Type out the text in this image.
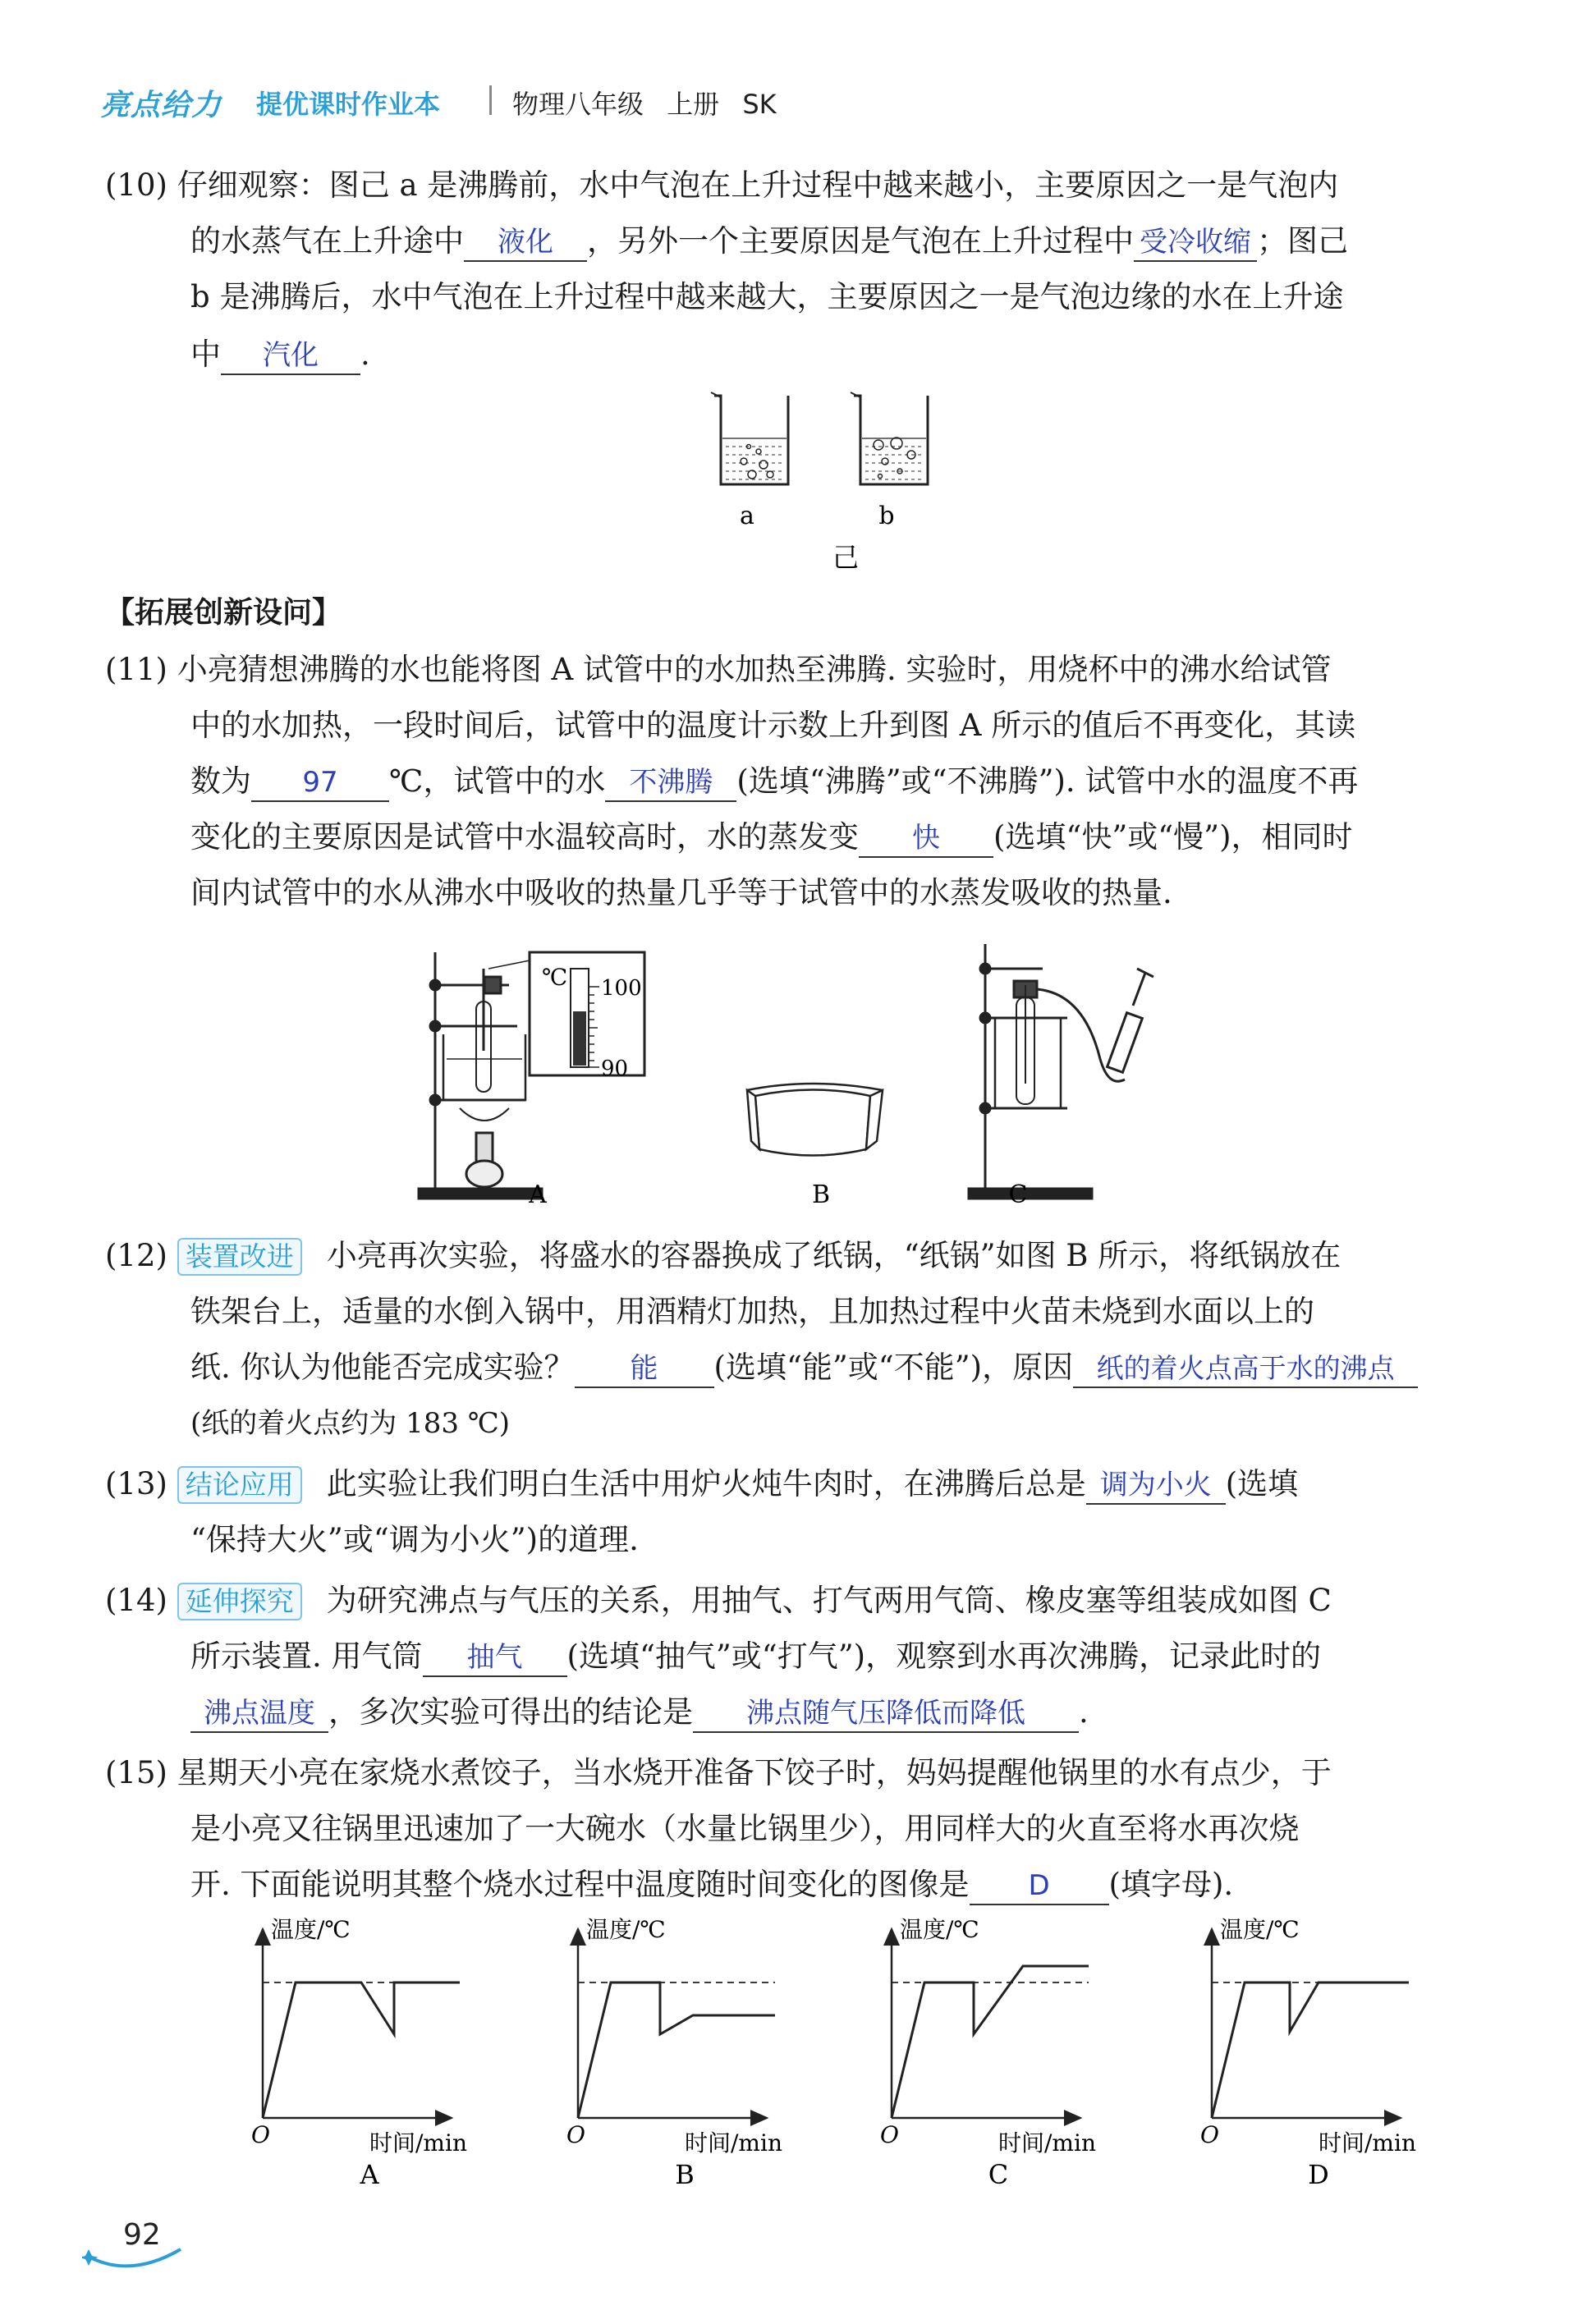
亮点给力 提优课时作业本	物理八年级 上册 SK
(10) 仔细观察：图己 a 是沸腾前，水中气泡在上升过程中越来越小，主要原因之一是气泡内
的水蒸气在上升途中 液化 ，另外一个主要原因是气泡在上升过程中 受冷收缩 ；图己
b 是沸腾后，水中气泡在上升过程中越来越大，主要原因之一是气泡边缘的水在上升途
中 汽化 .
a	b
己
【拓展创新设问】
(11) 小亮猜想沸腾的水也能将图 A 试管中的水加热至沸腾. 实验时，用烧杯中的沸水给试管
中的水加热，一段时间后，试管中的温度计示数上升到图 A 所示的值后不再变化，其读
数为 97 ℃，试管中的水 不沸腾 (选填“沸腾”或“不沸腾”). 试管中水的温度不再
变化的主要原因是试管中水温较高时，水的蒸发变 快 (选填“快”或“慢”)，相同时
间内试管中的水从沸水中吸收的热量几乎等于试管中的水蒸发吸收的热量.
℃ 100
90
A	B	C
(12) 装置改进 小亮再次实验，将盛水的容器换成了纸锅，“纸锅”如图 B 所示，将纸锅放在
铁架台上，适量的水倒入锅中，用酒精灯加热，且加热过程中火苗未烧到水面以上的
纸. 你认为他能否完成实验？ 能 (选填“能”或“不能”)，原因 纸的着火点高于水的沸点
(纸的着火点约为 183 ℃)
(13) 结论应用 此实验让我们明白生活中用炉火炖牛肉时，在沸腾后总是 调为小火 (选填
“保持大火”或“调为小火”)的道理.
(14) 延伸探究 为研究沸点与气压的关系，用抽气、打气两用气筒、橡皮塞等组装成如图 C
所示装置. 用气筒 抽气 (选填“抽气”或“打气”)，观察到水再次沸腾，记录此时的
沸点温度 ，多次实验可得出的结论是 沸点随气压降低而降低 .
(15) 星期天小亮在家烧水煮饺子，当水烧开准备下饺子时，妈妈提醒他锅里的水有点少，于
是小亮又往锅里迅速加了一大碗水（水量比锅里少），用同样大的火直至将水再次烧
开. 下面能说明其整个烧水过程中温度随时间变化的图像是 D (填字母).
温度/℃
时间/min
O
A
温度/℃
时间/min
O
B
温度/℃
时间/min
O
C
温度/℃
时间/min
O
D
92
